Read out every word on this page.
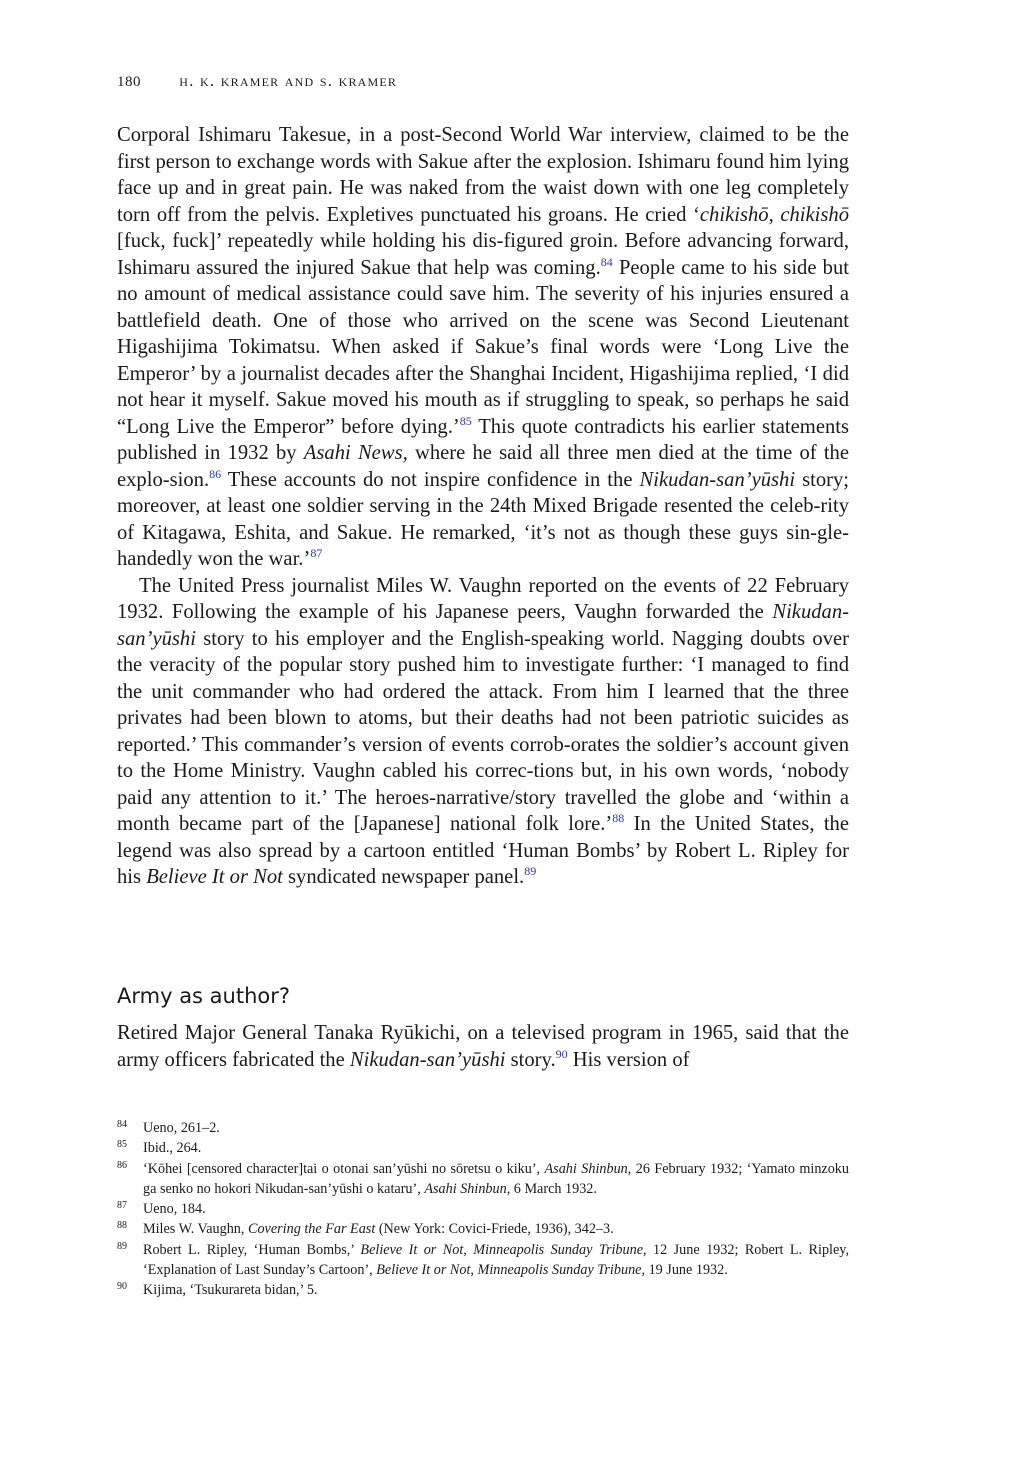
180 h. k. kramer and s. kramer

Corporal Ishimaru Takesue, in a post-Second World War interview, claimed to be the first person to exchange words with Sakue after the explosion. Ishimaru found him lying face up and in great pain. He was naked from the waist down with one leg completely torn off from the pelvis. Expletives punctuated his groans. He cried ‘chikishō, chikishō [fuck, fuck]’ repeatedly while holding his dis-figured groin. Before advancing forward, Ishimaru assured the injured Sakue that help was coming.$^{84}$ People came to his side but no amount of medical assistance could save him. The severity of his injuries ensured a battlefield death. One of those who arrived on the scene was Second Lieutenant Higashijima Tokimatsu. When asked if Sakue’s final words were ‘Long Live the Emperor’ by a journalist decades after the Shanghai Incident, Higashijima replied, ‘I did not hear it myself. Sakue moved his mouth as if struggling to speak, so perhaps he said “Long Live the Emperor” before dying.’$^{85}$ This quote contradicts his earlier statements published in 1932 by Asahi News, where he said all three men died at the time of the explo-sion.$^{86}$ These accounts do not inspire confidence in the Nikudan-san’yūshi story; moreover, at least one soldier serving in the 24th Mixed Brigade resented the celeb-rity of Kitagawa, Eshita, and Sakue. He remarked, ‘it’s not as though these guys sin-gle-handedly won the war.’$^{87}$

The United Press journalist Miles W. Vaughn reported on the events of 22 February 1932. Following the example of his Japanese peers, Vaughn forwarded the Nikudan-san’yūshi story to his employer and the English-speaking world. Nagging doubts over the veracity of the popular story pushed him to investigate further: ‘I managed to find the unit commander who had ordered the attack. From him I learned that the three privates had been blown to atoms, but their deaths had not been patriotic suicides as reported.’ This commander’s version of events corrob-orates the soldier’s account given to the Home Ministry. Vaughn cabled his correc-tions but, in his own words, ‘nobody paid any attention to it.’ The heroes-narrative/story travelled the globe and ‘within a month became part of the [Japanese] national folk lore.’$^{88}$ In the United States, the legend was also spread by a cartoon entitled ‘Human Bombs’ by Robert L. Ripley for his Believe It or Not syndicated newspaper panel.$^{89}$

Army as author?

Retired Major General Tanaka Ryūkichi, on a televised program in 1965, said that the army officers fabricated the Nikudan-san’yūshi story.$^{90}$ His version of

84 Ueno, 261–2.
85 Ibid., 264.
86 ‘Kōhei [censored character]tai o otonai san’yūshi no sōretsu o kiku’, Asahi Shinbun, 26 February 1932; ‘Yamato minzoku ga senko no hokori Nikudan-san’yūshi o kataru’, Asahi Shinbun, 6 March 1932.
87 Ueno, 184.
88 Miles W. Vaughn, Covering the Far East (New York: Covici-Friede, 1936), 342–3.
89 Robert L. Ripley, ‘Human Bombs,’ Believe It or Not, Minneapolis Sunday Tribune, 12 June 1932; Robert L. Ripley, ‘Explanation of Last Sunday’s Cartoon’, Believe It or Not, Minneapolis Sunday Tribune, 19 June 1932.
90 Kijima, ‘Tsukurareta bidan,’ 5.
